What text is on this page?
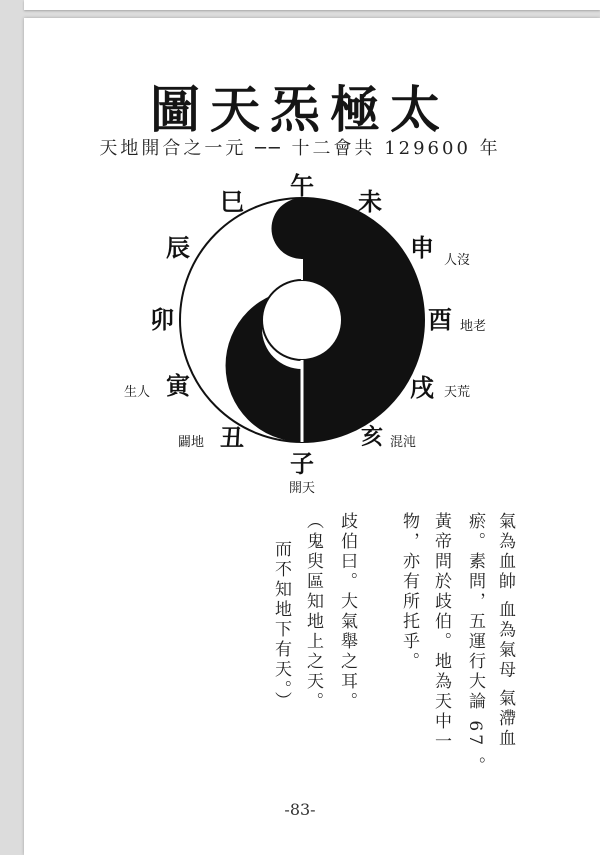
圖天炁極太
天地開合之一元 ── 十二會共 129600 年
午
未
申
酉
戌
亥
子
丑
寅
卯
辰
巳
人沒
地老
天荒
混沌
開天
闢地
生人
氣為血帥 血為氣母 氣滯血
瘀。素問，五運行大論 67 。
黃帝問於歧伯。地為天中一
物，亦有所托乎。
歧伯曰。大氣舉之耳。
（鬼臾區知地上之天。
而不知地下有天。）
-83-
